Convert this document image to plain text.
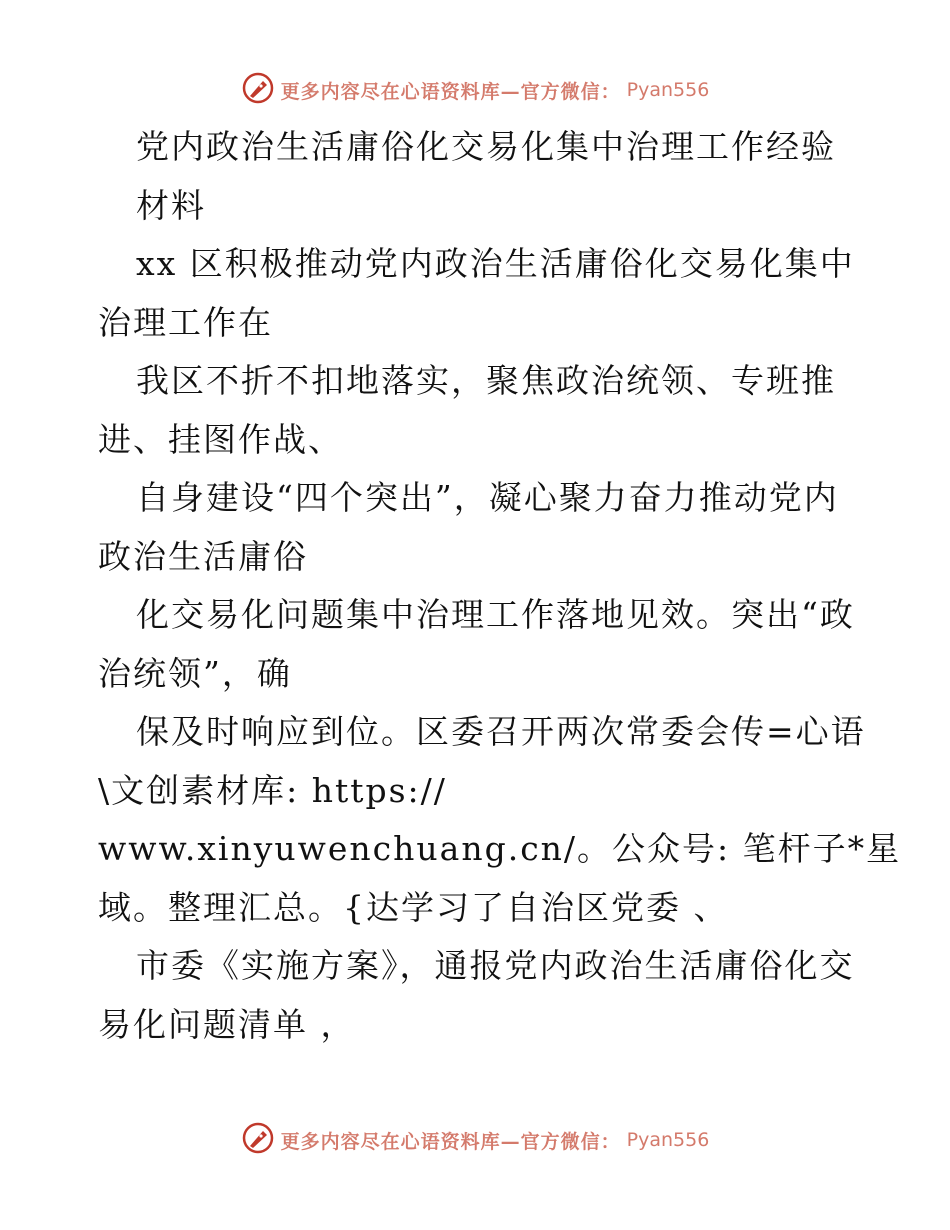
更多内容尽在心语资料库—官方微信： Pyan556
党内政治生活庸俗化交易化集中治理工作经验
材料
xx 区积极推动党内政治生活庸俗化交易化集中
治理工作在
我区不折不扣地落实，聚焦政治统领、专班推
进、挂图作战、
自身建设“四个突出”，凝心聚力奋力推动党内
政治生活庸俗
化交易化问题集中治理工作落地见效。突出“政
治统领”，确
保及时响应到位。区委召开两次常委会传=心语
\文创素材库: https://
www.xinyuwenchuang.cn/。公众号: 笔杆子*星
域。整理汇总。{达学习了自治区党委 、
市委《实施方案》，通报党内政治生活庸俗化交
易化问题清单 ，
更多内容尽在心语资料库—官方微信： Pyan556
